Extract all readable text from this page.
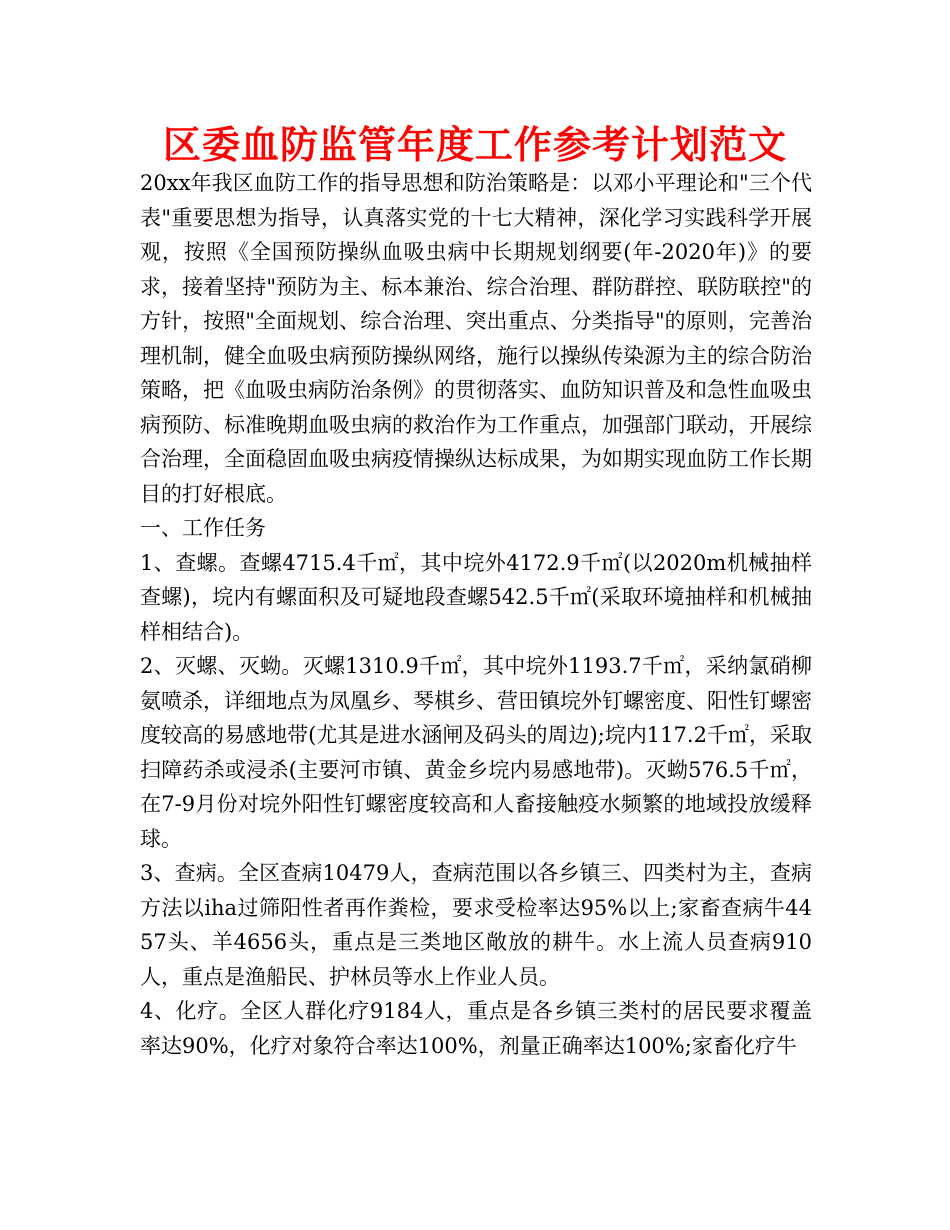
区委血防监管年度工作参考计划范文

20xx年我区血防工作的指导思想和防治策略是：以邓小平理论和"三个代表"重要思想为指导，认真落实党的十七大精神，深化学习实践科学开展观，按照《全国预防操纵血吸虫病中长期规划纲要(年-2020年)》的要求，接着坚持"预防为主、标本兼治、综合治理、群防群控、联防联控"的方针，按照"全面规划、综合治理、突出重点、分类指导"的原则，完善治理机制，健全血吸虫病预防操纵网络，施行以操纵传染源为主的综合防治策略，把《血吸虫病防治条例》的贯彻落实、血防知识普及和急性血吸虫病预防、标准晚期血吸虫病的救治作为工作重点，加强部门联动，开展综合治理，全面稳固血吸虫病疫情操纵达标成果，为如期实现血防工作长期目的打好根底。

一、工作任务

1、查螺。查螺4715.4千㎡，其中垸外4172.9千㎡(以2020m机械抽样查螺)，垸内有螺面积及可疑地段查螺542.5千㎡(采取环境抽样和机械抽样相结合)。

2、灭螺、灭蚴。灭螺1310.9千㎡，其中垸外1193.7千㎡，采纳氯硝柳氨喷杀，详细地点为凤凰乡、琴棋乡、营田镇垸外钉螺密度、阳性钉螺密度较高的易感地带(尤其是进水涵闸及码头的周边);垸内117.2千㎡，采取扫障药杀或浸杀(主要河市镇、黄金乡垸内易感地带)。灭蚴576.5千㎡，在7-9月份对垸外阳性钉螺密度较高和人畜接触疫水频繁的地域投放缓释球。

3、查病。全区查病10479人，查病范围以各乡镇三、四类村为主，查病方法以iha过筛阳性者再作粪检，要求受检率达95%以上;家畜查病牛4457头、羊4656头，重点是三类地区敞放的耕牛。水上流人员查病910人，重点是渔船民、护林员等水上作业人员。

4、化疗。全区人群化疗9184人，重点是各乡镇三类村的居民要求覆盖率达90%，化疗对象符合率达100%，剂量正确率达100%;家畜化疗牛
